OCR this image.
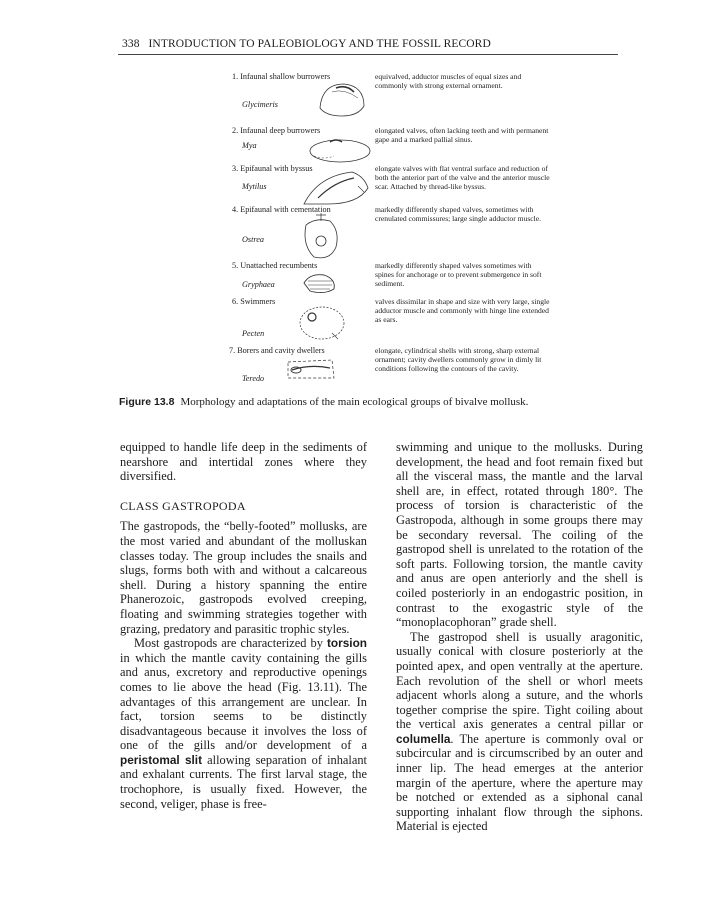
338 INTRODUCTION TO PALEOBIOLOGY AND THE FOSSIL RECORD
1. Infaunal shallow burrowers
Glycimeris
equivalved, adductor muscles of equal sizes and commonly with strong external ornament.
2. Infaunal deep burrowers
Mya
elongated valves, often lacking teeth and with permanent gape and a marked pallial sinus.
3. Epifaunal with byssus
Mytilus
elongate valves with flat ventral surface and reduction of both the anterior part of the valve and the anterior muscle scar. Attached by thread-like byssus.
4. Epifaunal with cementation
Ostrea
markedly differently shaped valves, sometimes with crenulated commissures; large single adductor muscle.
5. Unattached recumbents
Gryphaea
markedly differently shaped valves sometimes with spines for anchorage or to prevent submergence in soft sediment.
6. Swimmers
Pecten
valves dissimilar in shape and size with very large, single adductor muscle and commonly with hinge line extended as ears.
7. Borers and cavity dwellers
Teredo
elongate, cylindrical shells with strong, sharp external ornament; cavity dwellers commonly grow in dimly lit conditions following the contours of the cavity.
Figure 13.8 Morphology and adaptations of the main ecological groups of bivalve mollusk.

equipped to handle life deep in the sediments of nearshore and intertidal zones where they diversified.

CLASS GASTROPODA

The gastropods, the “belly-footed” mollusks, are the most varied and abundant of the molluskan classes today. The group includes the snails and slugs, forms both with and without a calcareous shell. During a history spanning the entire Phanerozoic, gastropods evolved creeping, floating and swimming strategies together with grazing, predatory and parasitic trophic styles.

Most gastropods are characterized by torsion in which the mantle cavity containing the gills and anus, excretory and reproductive openings comes to lie above the head (Fig. 13.11). The advantages of this arrangement are unclear. In fact, torsion seems to be distinctly disadvantageous because it involves the loss of one of the gills and/or development of a peristomal slit allowing separation of inhalant and exhalant currents. The first larval stage, the trochophore, is usually fixed. However, the second, veliger, phase is free-

swimming and unique to the mollusks. During development, the head and foot remain fixed but all the visceral mass, the mantle and the larval shell are, in effect, rotated through 180°. The process of torsion is characteristic of the Gastropoda, although in some groups there may be secondary reversal. The coiling of the gastropod shell is unrelated to the rotation of the soft parts. Following torsion, the mantle cavity and anus are open anteriorly and the shell is coiled posteriorly in an endogastric position, in contrast to the exogastric style of the “monoplacophoran” grade shell.

The gastropod shell is usually aragonitic, usually conical with closure posteriorly at the pointed apex, and open ventrally at the aperture. Each revolution of the shell or whorl meets adjacent whorls along a suture, and the whorls together comprise the spire. Tight coiling about the vertical axis generates a central pillar or columella. The aperture is commonly oval or subcircular and is circumscribed by an outer and inner lip. The head emerges at the anterior margin of the aperture, where the aperture may be notched or extended as a siphonal canal supporting inhalant flow through the siphons. Material is ejected
